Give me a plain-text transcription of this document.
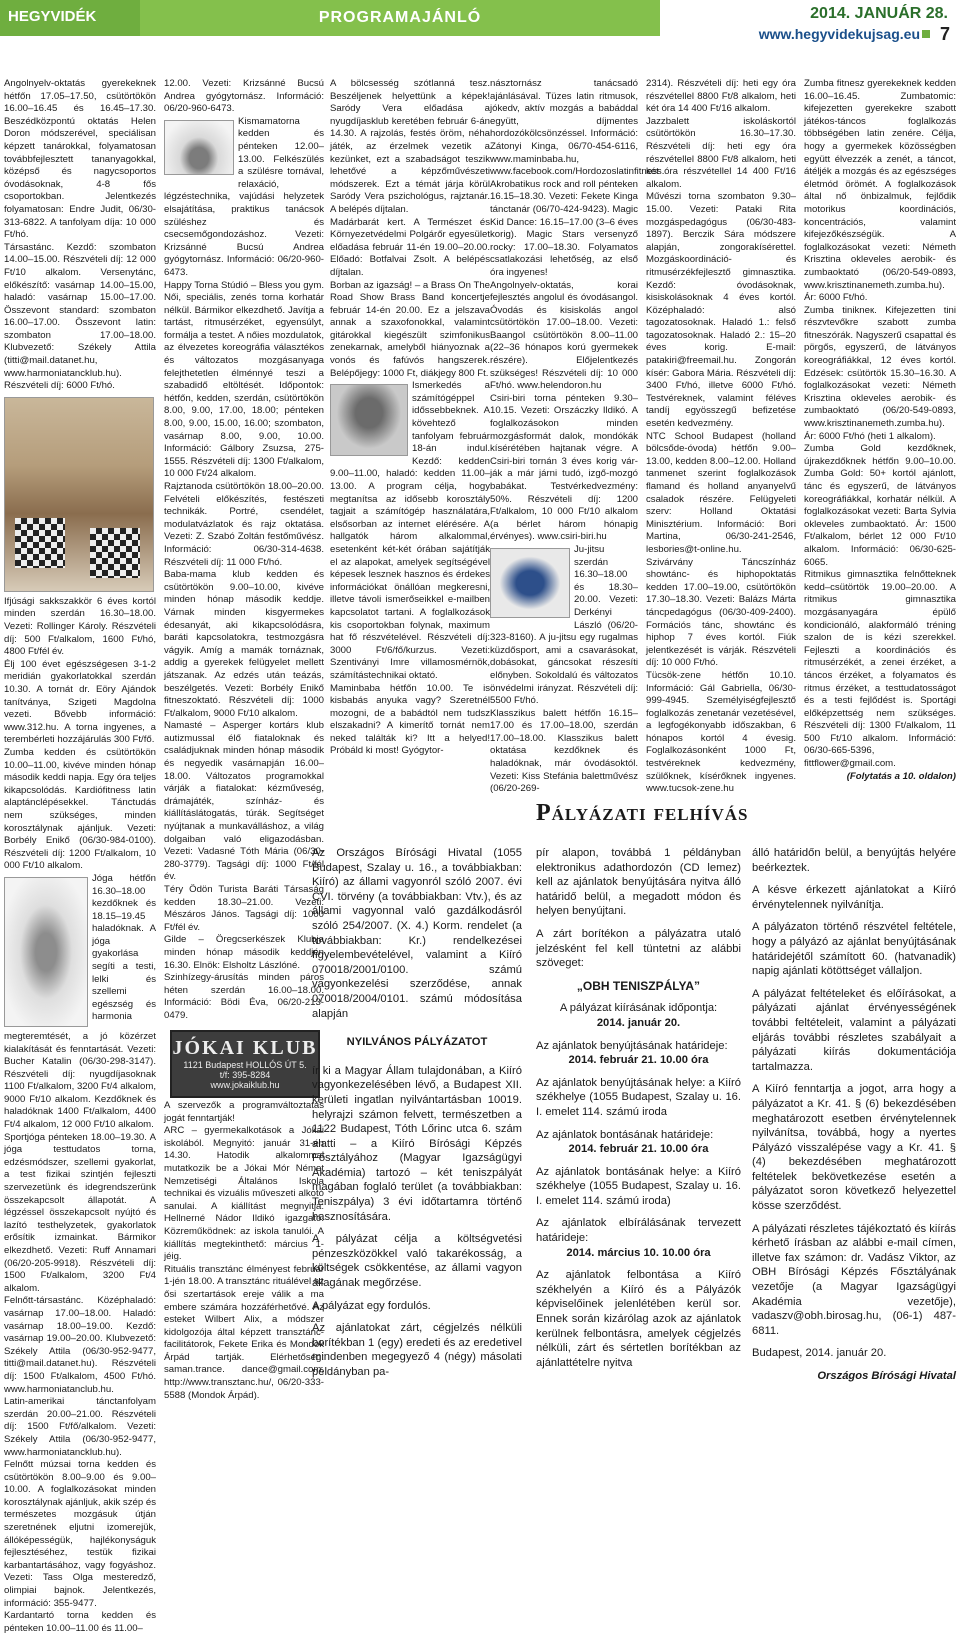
HEGYVIDÉK	PROGRAMAJÁNLÓ	2014. JANUÁR 28.
www.hegyvidekujsag.eu 7

Angolnyelv-oktatás gyerekeknek hétfőn 17.05–17.50, csütörtökön 16.00–16.45 és 16.45–17.30. Beszédközpontú oktatás Helen Doron módszerével, speciálisan képzett tanárokkal, folyamatosan továbbfejlesztett tananyagokkal, középső és nagycsoportos óvodásoknak, 4-8 fős csoportokban. Jelentkezés folyamatosan: Endre Judit, 06/30-313-6822. A tanfolyam díja: 10 000 Ft/hó.

Társastánc. Kezdő: szombaton 14.00–15.00. Részvételi díj: 12 000 Ft/10 alkalom. Versenytánc, előkészítő: vasárnap 14.00–15.00, haladó: vasárnap 15.00–17.00. Összevont standard: szombaton 16.00–17.00. Összevont latin: szombaton 17.00–18.00. Klubvezető: Székely Attila (titti@mail.datanet.hu, www.harmoniatancklub.hu). Részvételi díj: 6000 Ft/hó.

Ifjúsági sakkszakkör 6 éves kortól minden szerdán 16.30–18.00. Vezeti: Rollinger Károly. Részvételi díj: 500 Ft/alkalom, 1600 Ft/hó, 4800 Ft/fél év.

Élj 100 évet egészségesen 3-1-2 meridián gyakorlatokkal szerdán 10.30. A tornát dr. Eöry Ajándok tanítványa, Szigeti Magdolna vezeti. Bővebb információ: www.312.hu. A torna ingyenes, a terembérleti hozzájárulás 300 Ft/fő.

Zumba kedden és csütörtökön 10.00–11.00, kivéve minden hónap második keddi napja. Egy óra teljes kikapcsolódás. Kardiófitness latin alaptánclépésekkel. Tánctudás nem szükséges, minden korosztálynak ajánljuk. Vezeti: Borbély Enikő (06/30-984-0100). Részvételi díj: 1200 Ft/alkalom, 10 000 Ft/10 alkalom.

Jóga hétfőn 16.30–18.00 kezdőknek és 18.15–19.45 haladóknak. A jóga gyakorlása segíti a testi, lelki és szellemi egészség és harmonia megteremtését, a jó közérzet kialakítását és fenntartását. Vezeti: Bucher Katalin (06/30-298-3147). Részvételi díj: nyugdíjasoknak 1100 Ft/alkalom, 3200 Ft/4 alkalom, 9000 Ft/10 alkalom. Kezdőknek és haladóknak 1400 Ft/alkalom, 4400 Ft/4 alkalom, 12 000 Ft/10 alkalom.

Sportjóga pénteken 18.00–19.30. A jóga testtudatos torna, edzésmódszer, szellemi gyakorlat, a test fizikai szintjén fejleszti szervezetünk és idegrendszerünk összekapcsolt állapotát. A légzéssel összekapcsolt nyújtó és lazító testhelyzetek, gyakorlatok erősítik izmainkat. Bármikor elkezdhető. Vezeti: Ruff Annamari (06/20-205-9918). Részvételi díj: 1500 Ft/alkalom, 3200 Ft/4 alkalom.

Felnőtt-társastánc. Középhaladó: vasárnap 17.00–18.00. Haladó: vasárnap 18.00–19.00. Kezdő: vasárnap 19.00–20.00. Klubvezető: Székely Attila (06/30-952-9477, titti@mail.datanet.hu). Részvételi díj: 1500 Ft/alkalom, 4500 Ft/hó. www.harmoniatanclub.hu.

Latin-amerikai tánctanfolyam szerdán 20.00–21.00. Részvételi díj: 1500 Ft/fő/alkalom. Vezeti: Székely Attila (06/30-952-9477, www.harmoniatancklub.hu).

Felnőtt múzsai torna kedden és csütörtökön 8.00–9.00 és 9.00–10.00. A foglalkozásokat minden korosztálynak ajánljuk, akik szép és természetes mozgásuk útján szeretnének eljutni izomerejük, állóképességük, hajlékonyságuk fejlesztéséhez, testük fizikai karbantartásához, vagy fogyáshoz. Vezeti: Tass Olga mesteredző, olimpiai bajnok. Jelentkezés, információ: 355-9477.

Kardantartó torna kedden és pénteken 10.00–11.00 és 11.00–

12.00. Vezeti: Krizsánné Bucsú Andrea gyógytornász. Információ: 06/20-960-6473.

Kismamatorna kedden és pénteken 12.00–13.00. Felkészülés a szülésre tornával, relaxáció, légzéstechnika, vajúdási helyzetek elsajátítása, praktikus tanácsok szüléshez és csecsemőgondozáshoz. Vezeti: Krizsánné Bucsú Andrea gyógytornász. Információ: 06/20-960-6473.

Happy Torna Stúdió – Bless you gym. Női, speciális, zenés torna korhatár nélkül. Bármikor elkezdhető. Javítja a tartást, ritmusérzéket, egyensúlyt, formálja a testet. A nőies mozdulatok, az élvezetes koreográfia választékos és változatos mozgásanyaga felejthetetlen élménnyé teszi a szabadidő eltöltését. Időpontok: hétfőn, kedden, szerdán, csütörtökön 8.00, 9.00, 17.00, 18.00; pénteken 8.00, 9.00, 15.00, 16.00; szombaton, vasárnap 8.00, 9.00, 10.00. Információ: Gálbory Zsuzsa, 275-1555. Részvételi díj: 1300 Ft/alkalom, 10 000 Ft/24 alkalom.

Rajztanoda csütörtökön 18.00–20.00. Felvételi előkészítés, festészeti technikák. Portré, csendélet, modulatvázlatok és rajz oktatása. Vezeti: Z. Szabó Zoltán festőművész. Információ: 06/30-314-4638. Részvételi díj: 11 000 Ft/hó.

Baba-mama klub kedden és csütörtökön 9.00–10.00, kivéve minden hónap második keddje. Várnak minden kisgyermekes édesanyát, aki kikapcsolódásra, baráti kapcsolatokra, testmozgásra vágyik. Amíg a mamák tornáznak, addig a gyerekek felügyelet mellett játszanak. Az edzés után teázás, beszélgetés. Vezeti: Borbély Enikő fitneszoktató. Részvételi díj: 1000 Ft/alkalom, 9000 Ft/10 alkalom.

Namasté – Asperger kortárs klub autizmussal élő fiataloknak és családjuknak minden hónap második és negyedik vasárnapján 16.00–18.00. Változatos programokkal várják a fiatalokat: kézműveség, drámajáték, színház- és kiállításlátogatás, túrák. Segítséget nyújtanak a munkaválláshoz, a világ dolgaiban való eligazodásban. Vezeti: Vadasné Tóth Mária (06/30-280-3779). Tagsági díj: 1000 Ft/fél év.

Téry Ödön Turista Baráti Társaság kedden 18.30–21.00. Vezeti: Mészáros János. Tagsági díj: 1000 Ft/fél év.

Gilde – Öregcserkészek Klubja minden hónap második keddjén 16.30. Elnök: Elsholtz Lászlóné.

Szinhízegy-árusítás minden páros héten szerdán 16.00–18.00. Információ: Bödi Éva, 06/20-213-0479.

JÓKAI KLUB
1121 Budapest HOLLÓS ÚT 5.
t/f: 395-8284
www.jokaiklub.hu

A szervezők a programváltoztatás jogát fenntartják!

ARC – gyermekalkotások a Jókai iskolából. Megnyitó: január 31-én 14.30. Hatodik alkalommal mutatkozik be a Jókai Mór Német Nemzetiségi Általános Iskola technikai és vizuális műveszeti alkotó sanulai. A kiállítást megnyitja: Hellnerné Nádor Ildikó igazgató. Közreműködnek: az iskola tanulói. A kiállítás megtekinthető: március 1-jéig.

Rituális transztánc élményest február 1-jén 18.00. A transztánc rituálével az ősi szertartások ereje válik a ma embere számára hozzáférhetővé. Az esteket Wilbert Alix, a módszer kidolgozója által képzett transztánc-facilitátorok, Fekete Erika és Mondok Árpád tartják. Elérhetőség: saman.trance. dance@gmail.com, http://www.transztanc.hu/, 06/20-333-5588 (Mondok Árpád).

A bölcsesség szótlanná tesz. Beszéljenek helyettünk a képek! Saródy Vera előadása a nyugdíjasklub keretében február 6-án 14.30. A rajzolás, festés öröm, néha játék, az érzelmek vezetik a kezünket, ezt a szabadságot teszik lehetővé a képzőművészeti módszerek. Ezt a témát járja körül Saródy Vera pszichológus, rajztanár. A belépés díjtalan.

Madárbarát kert. A Természet és Környezetvédelmi Polgárőr egyesület előadása február 11-én 19.00–20.00. Előadó: Botfalvai Zsolt. A belépés díjtalan.

Borban az igazság! – a Brass On The Road Show Brass Band koncertje február 14-én 20.00. Ez a jelszava annak a szaxofonokkal, valamint gitárokkal kiegészült szimfonikus zenekarnak, amelyből hiányoznak a vonós és fafúvós hangszerek. Belépőjegy: 1000 Ft, diákjegy 800 Ft.

Ismerkedés a számítógéppel időssebbeknek. A kövehtező tanfolyam február 18-án indul. Kezdő: kedden 9.00–11.00, haladó: kedden 11.00–13.00. A program célja, hogy megtanítsa az idősebb korosztály tagjait a számítógép használatára, elsősorban az internet elérésére. A hallgatók három alkalommal, esetenként két-két órában sajátítják el az alapokat, amelyek segítségével képesek lesznek hasznos és érdekes információkat önállóan megkeresni, illetve távoli ismerőseikkel e-mailben kapcsolatot tartani. A foglalkozások kis csoportokban folynak, maximum hat fő részvételével. Részvételi díj: 3000 Ft/6/fő/kurzus. Vezeti: Szentiványi Imre villamosmérnök, számítástechnikai oktató.

Maminbaba hétfőn 10.00. Te is kisbabás anyuka vagy? Szeretnél mozogni, de a babádtól nem tudsz elszakadni? A kimerítő tornát nem neked találták ki? Itt a helyed! Próbáld ki most! Gyógytor-

násztornász tanácsadó ajánlásával. Tüzes latin ritmusok, jókedv, aktív mozgás a babáddal együtt, díjmentes hordozókölcsönzéssel. Információ: Zátonyi Kinga, 06/70-454-6116, www.maminbaba.hu, www.facebook.com/Hordozoslatinfitness.

Akrobatikus rock and roll pénteken 16.15–18.30. Vezeti: Fekete Kinga tánctanár (06/70-424-9423). Magic Kid Dance: 16.15–17.00 (3–6 éves korig). Magic Stars versenyző rocky: 17.00–18.30. Folyamatos csatlakozási lehetőség, az első óra ingyenes!

Angolnyelv-oktatás, korai fejlesztés angolul és óvodásangol. Óvodás és kisiskolás angol csütörtökön 17.00–18.00. Vezeti: Baangol csütörtökön 8.00–11.00 (22–36 hónapos korú gyermekek részére). Előjelentkezés szükséges! Részvételi díj: 10 000 Ft/hó. www.helendoron.hu

Csiri-biri torna pénteken 9.30–10.15. Vezeti: Orszáczky Ildikó. A foglalkozásokon minden mozgásformát dalok, mondókák kísérétében hajtanak végre. A Csiri-biri tornán 3 éves korig vár- ják a már járni tudó, izgő-mozgó babákat. Testvérkedvezmény: 50%. Részvételi díj: 1200 Ft/alkalom, 10 000 Ft/10 alkalom (a bérlet három hónapig érvényes). www.csiri-biri.hu

Ju-jitsu szerdán 16.30–18.00 és 18.30–20.00. Vezeti: Derkényi László (06/20-323-8160). A ju-jitsu egy rugalmas küzdősport, ami a csavarásokat, dobásokat, gáncsokat részesíti előnyben. Sokoldalú és változatos önvédelmi irányzat. Részvételi díj: 5500 Ft/hó.

Klasszikus balett hétfőn 16.15–17.00 és 17.00–18.00, szerdán 17.00–18.00. Klasszikus balett oktatása kezdőknek és haladóknak, már óvodásoktól. Vezeti: Kiss Stefánia balettművész (06/20-269-

2314). Részvételi díj: heti egy óra részvétellel 8800 Ft/8 alkalom, heti két óra 14 400 Ft/16 alkalom.

Jazzbalett iskoláskortól csütörtökön 16.30–17.30. Részvételi díj: heti egy óra részvétellel 8800 Ft/8 alkalom, heti két óra részvétellel 14 400 Ft/16 alkalom.

Művészi torna szombaton 9.30–15.00. Vezeti: Pataki Rita mozgáspedagógus (06/30-483-1897). Berczik Sára módszere alapján, zongorakísérettel. Mozgáskoordináció- és ritmusérzékfejlesztő gimnasztika. Kezdő: óvodásoknak, kisiskolásoknak 4 éves kortól. Középhaladó: alsó tagozatosoknak. Haladó 1.: felső tagozatosoknak. Haladó 2.: 15–20 éves korig. E-mail: patakiri@freemail.hu. Zongorán kísér: Gabora Mária. Részvételi díj: 3400 Ft/hó, illetve 6000 Ft/hó. Testvéreknek, valamint féléves tandíj egyösszegű befizetése esetén kedvezmény.

NTC School Budapest (holland bölcsőde-óvoda) hétfőn 9.00–13.00, kedden 8.00–12.00. Holland tanmenet szerint foglalkozások flamand és holland anyanyelvű csaladok részére. Felügyeleti szerv: Holland Oktatási Minisztérium. Információ: Bori Martina, 06/30-241-2546, lesbories@t-online.hu.

Szivárvány Táncszínház showtánc- és hiphopoktatás kedden 17.00–19.00, csütörtökön 17.30–18.30. Vezeti: Balázs Márta táncpedagógus (06/30-409-2400). Formációs tánc, showtánc és hiphop 7 éves kortól. Fiúk jelentkezését is várják. Részvételi díj: 10 000 Ft/hó.

Tücsök-zene hétfőn 10.10. Információ: Gál Gabriella, 06/30-999-4945. Személyiségfejlesztő foglalkozás zenetanár vezetésével, a legfogékonyabb időszakban, 6 hónapos kortól 4 évesig. Foglalkozásonként 1000 Ft, testvéreknek kedvezmény, szülőknek, kísérőknek ingyenes. www.tucsok-zene.hu

Zumba fitnesz gyerekeknek kedden 16.00–16.45. Zumbatomic: kifejezetten gyerekekre szabott játékos-táncos foglalkozás többségében latin zenére. Célja, hogy a gyermekek közösségben együtt élvezzék a zenét, a táncot, átéljék a mozgás és az egészséges életmód örömét. A foglalkozások által nő önbizalmuk, fejlődik motorikus koordinációs, koncentrációs, valamint kifejezőkészségük. A foglalkozásokat vezeti: Németh Krisztina okleveles aerobik- és zumbaoktató (06/20-549-0893, www.krisztinanemeth.zumba.hu). Ár: 6000 Ft/hó.

Zumba tinikneк. Kifejezetten tini részvtevőkre szabott zumba fitneszórák. Nagyszerű csapattal és pörgős, egyszerű, de látványos koreográfiákkal, 12 éves kortól. Edzések: csütörtök 15.30–16.30. A foglalkozásokat vezeti: Németh Krisztina okleveles aerobik- és zumbaoktató (06/20-549-0893, www.krisztinanemeth.zumba.hu). Ár: 6000 Ft/hó (heti 1 alkalom).

Zumba Gold kezdőknek, újrakezdőknek hétfőn 9.00–10.00. Zumba Gold: 50+ kortól ajánlott, tánc és egyszerű, de látványos koreográfiákkal, korhatár nélkül. A foglalkozásokat vezeti: Barta Sylvia okleveles zumbaoktató. Ár: 1500 Ft/alkalom, bérlet 12 000 Ft/10 alkalom. Információ: 06/30-625-6065.

Ritmikus gimnasztika felnőtteknek kedd–csütörtök 19.00–20.00. A ritmikus gimnasztika mozgásanyagára épülő kondicionáló, alakformáló tréning szalon de is kézi szerekkel. Fejleszti a koordinációs és ritmusérzékét, a zenei érzéket, a táncos érzéket, a folyamatos és ritmus érzéket, a testtudatosságot és a testi fejlődést is. Sportági előképzettség nem szükséges. Részvételi díj: 1300 Ft/alkalom, 11 500 Ft/10 alkalom. Információ: 06/30-665-5396, fittflower@gmail.com.

(Folytatás a 10. oldalon)

Pályázati felhívás

Az Országos Bírósági Hivatal (1055 Budapest, Szalay u. 16., a továbbiakban: Kiíró) az állami vagyonról szóló 2007. évi CVI. törvény (a továbbiakban: Vtv.), és az állami vagyonnal való gazdálkodásról szóló 254/2007. (X. 4.) Korm. rendelet (a továbbiakban: Kr.) rendelkezései figyelembevételével, valamint a Kiíró 070018/2001/0100. számú vagyonkezelési szerződése, annak 070018/2004/0101. számú módosítása alapján

NYILVÁNOS PÁLYÁZATOT

ír ki a Magyar Állam tulajdonában, a Kiíró vagyonkezelésében lévő, a Budapest XII. kerületi ingatlan nyilvántartásban 10019. helyrajzi számon felvett, természetben a 1122 Budapest, Tóth Lőrinc utca 6. szám alatti – a Kiíró Bírósági Képzés Fősztályához (Magyar Igazságügyi Akadémia) tartozó – két teniszpályát magában foglaló terület (a továbbiakban: Teniszpálya) 3 évi időtartamra történő hasznosítására.

A pályázat célja a költségvetési pénzeszközökkel való takarékosság, a költségek csökkentése, az állami vagyon állagának megőrzése.

A pályázat egy fordulós.

Az ajánlatokat zárt, cégjelzés nélküli borítékban 1 (egy) eredeti és az eredetivel mindenben megegyező 4 (négy) másolati példányban pa-

pír alapon, továbbá 1 példányban elektronikus adathordozón (CD lemez) kell az ajánlatok benyújtására nyitva álló határidő belül, a megadott módon és helyen benyújtani.

A zárt borítékon a pályázatra utaló jelzésként fel kell tüntetni az alábbi szöveget:

„OBH TENISZPÁLYA”

A pályázat kiírásának időpontja:

2014. január 20.

Az ajánlatok benyújtásának határideje:

2014. február 21. 10.00 óra

Az ajánlatok benyújtásának helye: a Kiíró székhelye (1055 Budapest, Szalay u. 16. I. emelet 114. számú iroda

Az ajánlatok bontásának határideje:

2014. február 21. 10.00 óra

Az ajánlatok bontásának helye: a Kiíró székhelye (1055 Budapest, Szalay u. 16. I. emelet 114. számú iroda)

Az ajánlatok elbírálásának tervezett határideje:

2014. március 10. 10.00 óra

Az ajánlatok felbontása a Kiíró székhelyén a Kiíró és a Pályázók képviselőinek jelenlétében kerül sor. Ennek során kizárólag azok az ajánlatok kerülnek felbontásra, amelyek cégjelzés nélküli, zárt és sértetlen borítékban az ajánlattételre nyitva

álló határidőn belül, a benyújtás helyére beérkeztek.

A késve érkezett ajánlatokat a Kiíró érvénytelennek nyilvánítja.

A pályázaton történő részvétel feltétele, hogy a pályázó az ajánlat benyújtásának határidejétől számított 60. (hatvanadik) napig ajánlati kötöttséget vállaljon.

A pályázat feltételeket és előírásokat, a pályázati ajánlat érvényességének további feltételeit, valamint a pályázati eljárás további részletes szabályait a pályázati kiírás dokumentációja tartalmazza.

A Kiíró fenntartja a jogot, arra hogy a pályázatot a Kr. 41. § (6) bekezdésében meghatározott esetben érvénytelennek nyilvánítsa, továbbá, hogy a nyertes Pályázó visszalépése vagy a Kr. 41. § (4) bekezdésében meghatározott feltételek bekövetkezése esetén a pályázatot soron következő helyezettel kösse szerződést.

A pályázati részletes tájékoztató és kiírás kérhető írásban az alábbi e-mail címen, illetve fax számon: dr. Vadász Viktor, az OBH Bírósági Képzés Fősztályának vezetője (a Magyar Igazságügyi Akadémia vezetője), vadaszv@obh.birosag.hu, (06-1) 487-6811.

Budapest, 2014. január 20.

Országos Bírósági Hivatal
